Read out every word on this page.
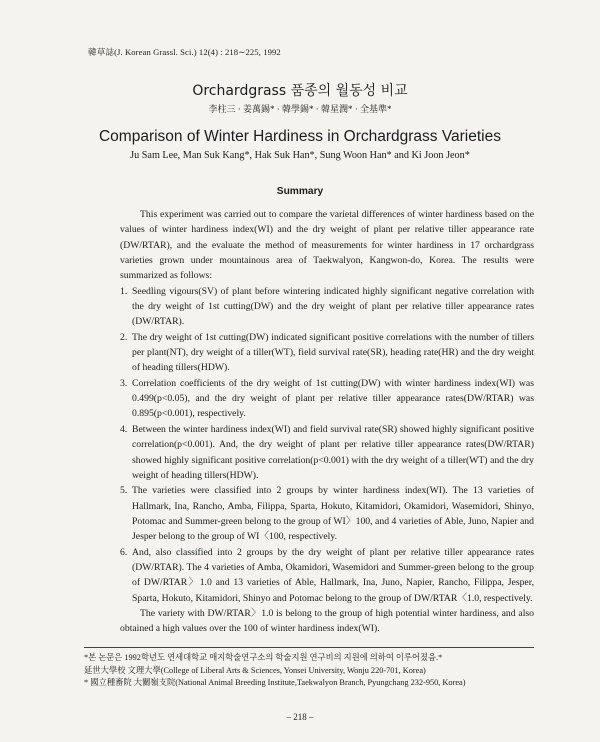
韓草誌(J. Korean Grassl. Sci.) 12(4) : 218∼225, 1992
Orchardgrass 품종의 월동성 비교
李柱三 · 姜萬錫* · 韓學錫* · 韓星潤* · 全基準*
Comparison of Winter Hardiness in Orchardgrass Varieties
Ju Sam Lee, Man Suk Kang*, Hak Suk Han*, Sung Woon Han* and Ki Joon Jeon*
Summary

This experiment was carried out to compare the varietal differences of winter hardiness based on the values of winter hardiness index(WI) and the dry weight of plant per relative tiller appearance rate (DW/RTAR), and the evaluate the method of measurements for winter hardiness in 17 orchardgrass varieties grown under mountainous area of Taekwalyon, Kangwon-do, Korea. The results were summarized as follows:

1. Seedling vigours(SV) of plant before wintering indicated highly significant negative correlation with the dry weight of 1st cutting(DW) and the dry weight of plant per relative tiller appearance rates (DW/RTAR).
2. The dry weight of 1st cutting(DW) indicated significant positive correlations with the number of tillers per plant(NT), dry weight of a tiller(WT), field survival rate(SR), heading rate(HR) and the dry weight of heading tillers(HDW).
3. Correlation coefficients of the dry weight of 1st cutting(DW) with winter hardiness index(WI) was 0.499(p<0.05), and the dry weight of plant per relative tiller appearance rates(DW/RTAR) was 0.895(p<0.001), respectively.
4. Between the winter hardiness index(WI) and field survival rate(SR) showed highly significant positive correlation(p<0.001). And, the dry weight of plant per relative tiller appearance rates(DW/RTAR) showed highly significant positive correlation(p<0.001) with the dry weight of a tiller(WT) and the dry weight of heading tillers(HDW).
5. The varieties were classified into 2 groups by winter hardiness index(WI). The 13 varieties of Hallmark, Ina, Rancho, Amba, Filippa, Sparta, Hokuto, Kitamidori, Okamidori, Wasemidori, Shinyo, Potomac and Summer-green belong to the group of WI〉100, and 4 varieties of Able, Juno, Napier and Jesper belong to the group of WI〈100, respectively.
6. And, also classified into 2 groups by the dry weight of plant per relative tiller appearance rates (DW/RTAR). The 4 varieties of Amba, Okamidori, Wasemidori and Summer-green belong to the group of DW/RTAR〉1.0 and 13 varieties of Able, Hallmark, Ina, Juno, Napier, Rancho, Filippa, Jesper, Sparta, Hokuto, Kitamidori, Shinyo and Potomac belong to the group of DW/RTAR〈1.0, respectively.

The variety with DW/RTAR〉1.0 is belong to the group of high potential winter hardiness, and also obtained a high values over the 100 of winter hardiness index(WI).

*본 논문은 1992학년도 연세대학교 매지학술연구소의 학술지원 연구비의 지원에 의하여 이루어졌음.*
延世大學校 文理大學(College of Liberal Arts & Sciences, Yonsei University, Wonju 220-701, Korea)
* 國立種畜院 大關嶺支院(National Animal Breeding Institute,Taekwalyon Branch, Pyungchang 232-950, Korea)
– 218 –
